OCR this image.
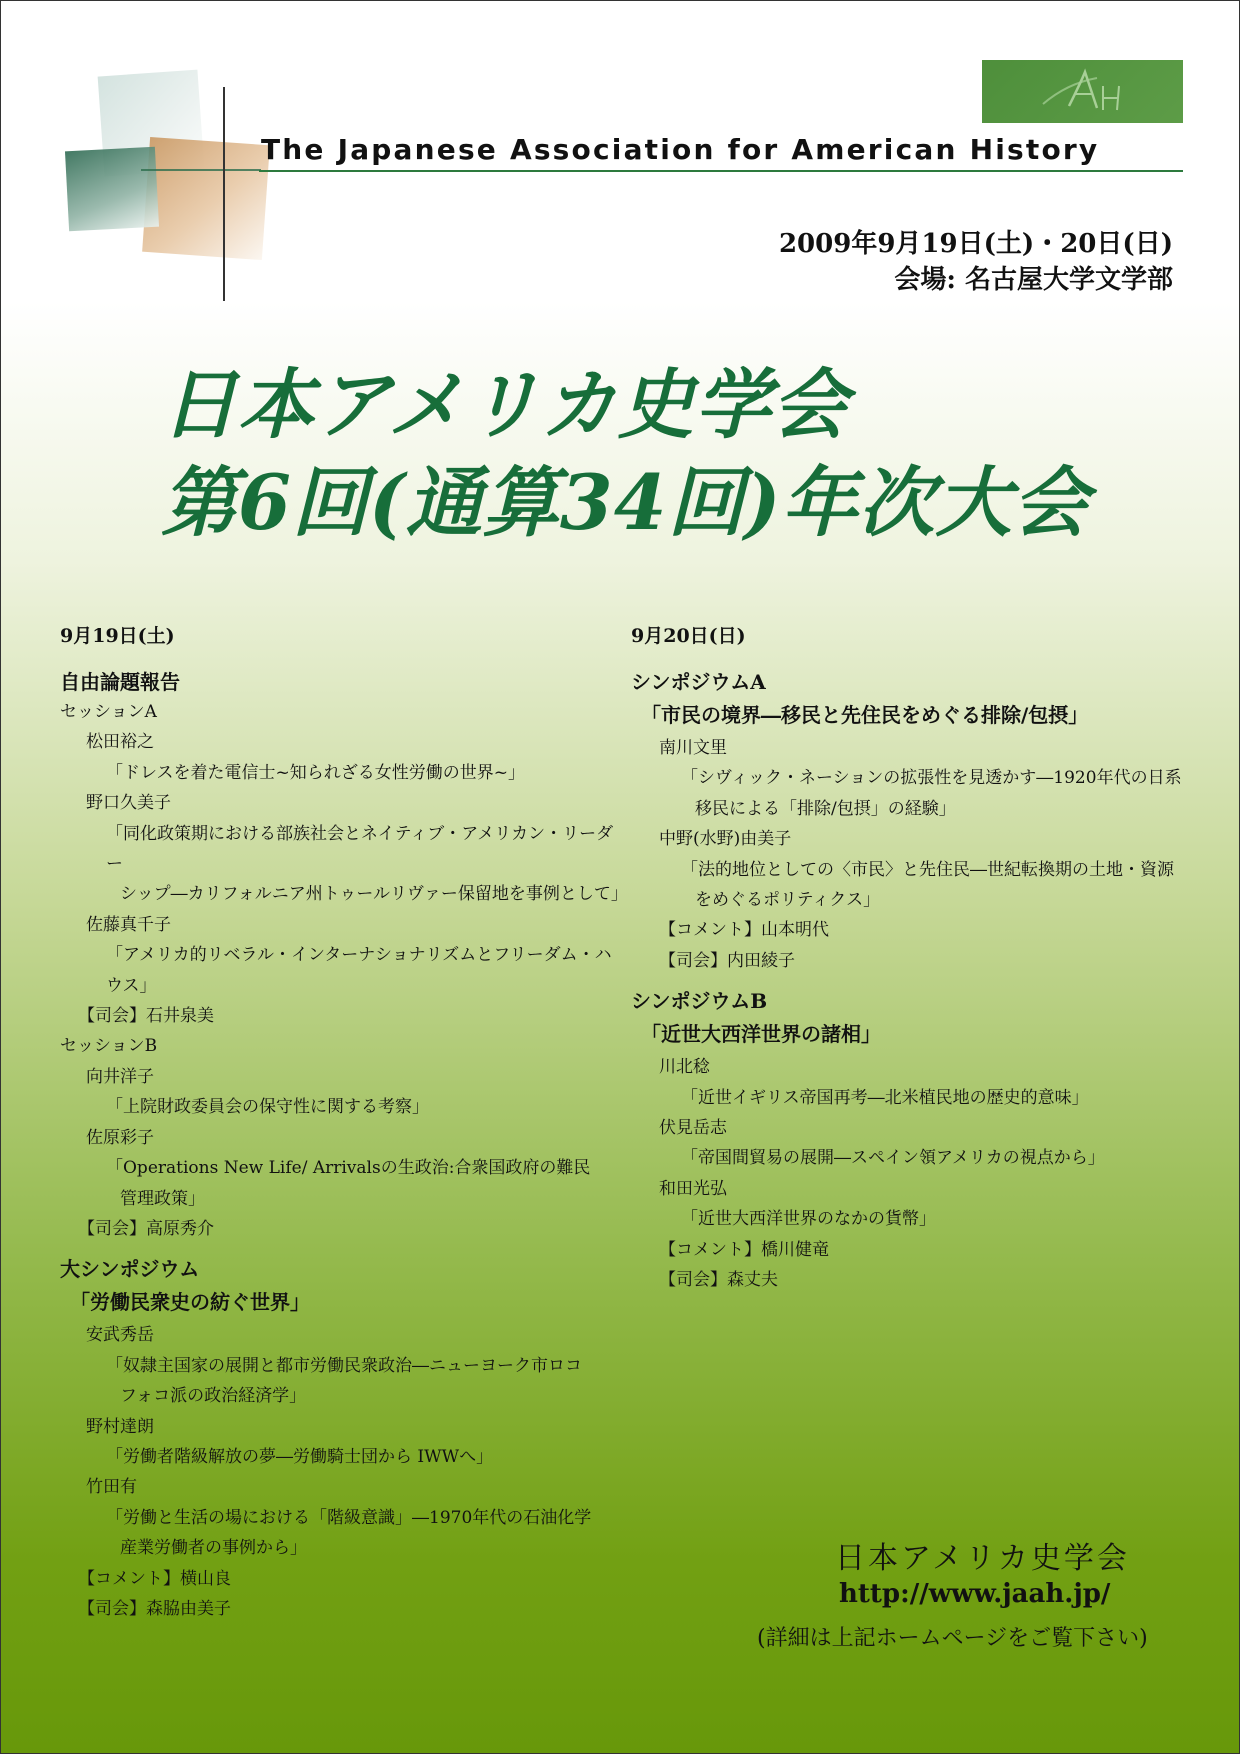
The Japanese Association for American History
2009年9月19日(土)・20日(日)
会場: 名古屋大学文学部
日本アメリカ史学会
第6回(通算34回)年次大会
9月19日(土)
自由論題報告
セッションA
松田裕之
「ドレスを着た電信士~知られざる女性労働の世界~」
野口久美子
「同化政策期における部族社会とネイティブ・アメリカン・リーダー
シップ―カリフォルニア州トゥールリヴァー保留地を事例として」
佐藤真千子
「アメリカ的リベラル・インターナショナリズムとフリーダム・ハウス」
【司会】石井泉美
セッションB
向井洋子
「上院財政委員会の保守性に関する考察」
佐原彩子
「Operations New Life/ Arrivalsの生政治:合衆国政府の難民
管理政策」
【司会】高原秀介
大シンポジウム
「労働民衆史の紡ぐ世界」
安武秀岳
「奴隷主国家の展開と都市労働民衆政治―ニューヨーク市ロコ
フォコ派の政治経済学」
野村達朗
「労働者階級解放の夢―労働騎士団から IWWへ」
竹田有
「労働と生活の場における「階級意識」―1970年代の石油化学
産業労働者の事例から」
【コメント】横山良
【司会】森脇由美子
9月20日(日)
シンポジウムA
「市民の境界―移民と先住民をめぐる排除/包摂」
南川文里
「シヴィック・ネーションの拡張性を見透かす―1920年代の日系
移民による「排除/包摂」の経験」
中野(水野)由美子
「法的地位としての〈市民〉と先住民―世紀転換期の土地・資源
をめぐるポリティクス」
【コメント】山本明代
【司会】内田綾子
シンポジウムB
「近世大西洋世界の諸相」
川北稔
「近世イギリス帝国再考―北米植民地の歴史的意味」
伏見岳志
「帝国間貿易の展開―スペイン領アメリカの視点から」
和田光弘
「近世大西洋世界のなかの貨幣」
【コメント】橋川健竜
【司会】森丈夫
日本アメリカ史学会
http://www.jaah.jp/
(詳細は上記ホームページをご覧下さい)
